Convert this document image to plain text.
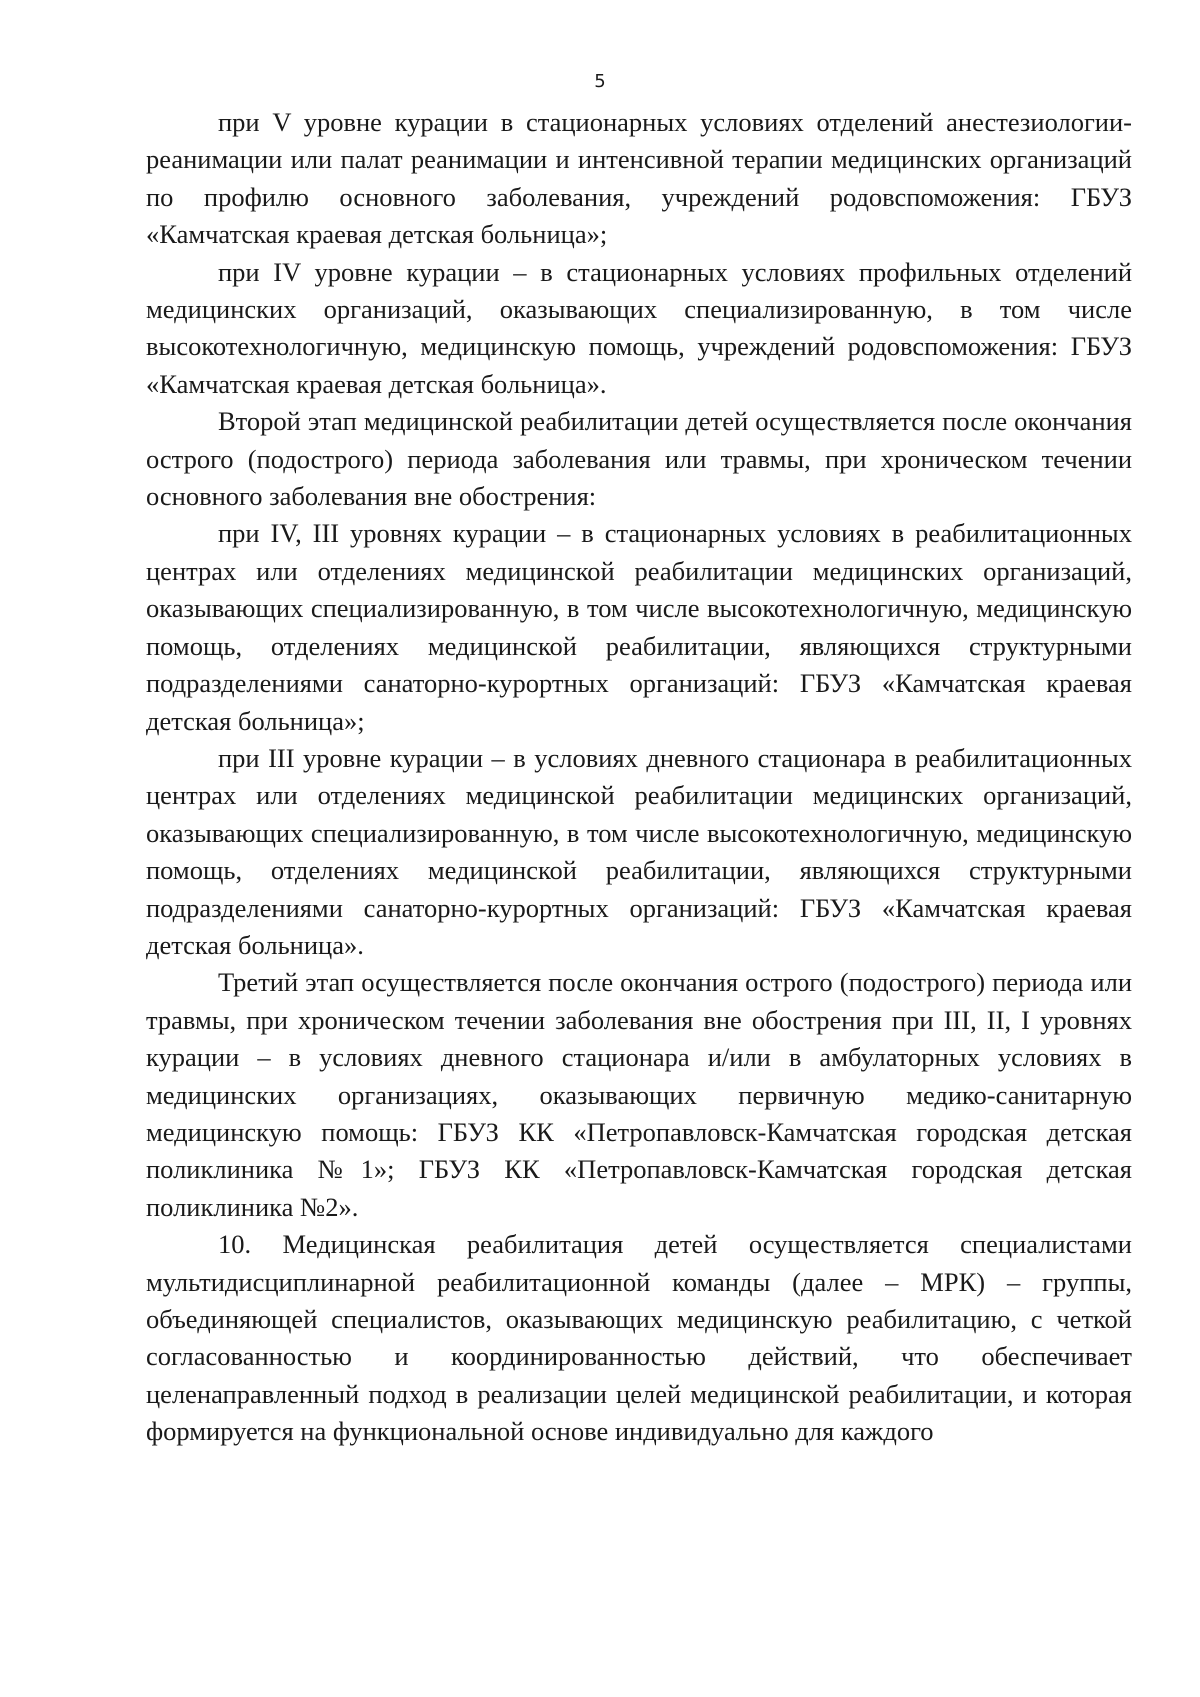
5

при V уровне курации в стационарных условиях отделений анестезиологии-реанимации или палат реанимации и интенсивной терапии медицинских организаций по профилю основного заболевания, учреждений родовспоможения: ГБУЗ «Камчатская краевая детская больница»;

при IV уровне курации – в стационарных условиях профильных отделений медицинских организаций, оказывающих специализированную, в том числе высокотехнологичную, медицинскую помощь, учреждений родовспоможения: ГБУЗ «Камчатская краевая детская больница».

Второй этап медицинской реабилитации детей осуществляется после окончания острого (подострого) периода заболевания или травмы, при хроническом течении основного заболевания вне обострения:

при IV, III уровнях курации – в стационарных условиях в реабилитационных центрах или отделениях медицинской реабилитации медицинских организаций, оказывающих специализированную, в том числе высокотехнологичную, медицинскую помощь, отделениях медицинской реабилитации, являющихся структурными подразделениями санаторно-курортных организаций: ГБУЗ «Камчатская краевая детская больница»;

при III уровне курации – в условиях дневного стационара в реабилитационных центрах или отделениях медицинской реабилитации медицинских организаций, оказывающих специализированную, в том числе высокотехнологичную, медицинскую помощь, отделениях медицинской реабилитации, являющихся структурными подразделениями санаторно-курортных организаций: ГБУЗ «Камчатская краевая детская больница».

Третий этап осуществляется после окончания острого (подострого) периода или травмы, при хроническом течении заболевания вне обострения при III, II, I уровнях курации – в условиях дневного стационара и/или в амбулаторных условиях в медицинских организациях, оказывающих первичную медико-санитарную медицинскую помощь: ГБУЗ КК «Петропавловск-Камчатская городская детская поликлиника №1»; ГБУЗ КК «Петропавловск-Камчатская городская детская поликлиника №2».

10. Медицинская реабилитация детей осуществляется специалистами мультидисциплинарной реабилитационной команды (далее – МРК) – группы, объединяющей специалистов, оказывающих медицинскую реабилитацию, с четкой согласованностью и координированностью действий, что обеспечивает целенаправленный подход в реализации целей медицинской реабилитации, и которая формируется на функциональной основе индивидуально для каждого
